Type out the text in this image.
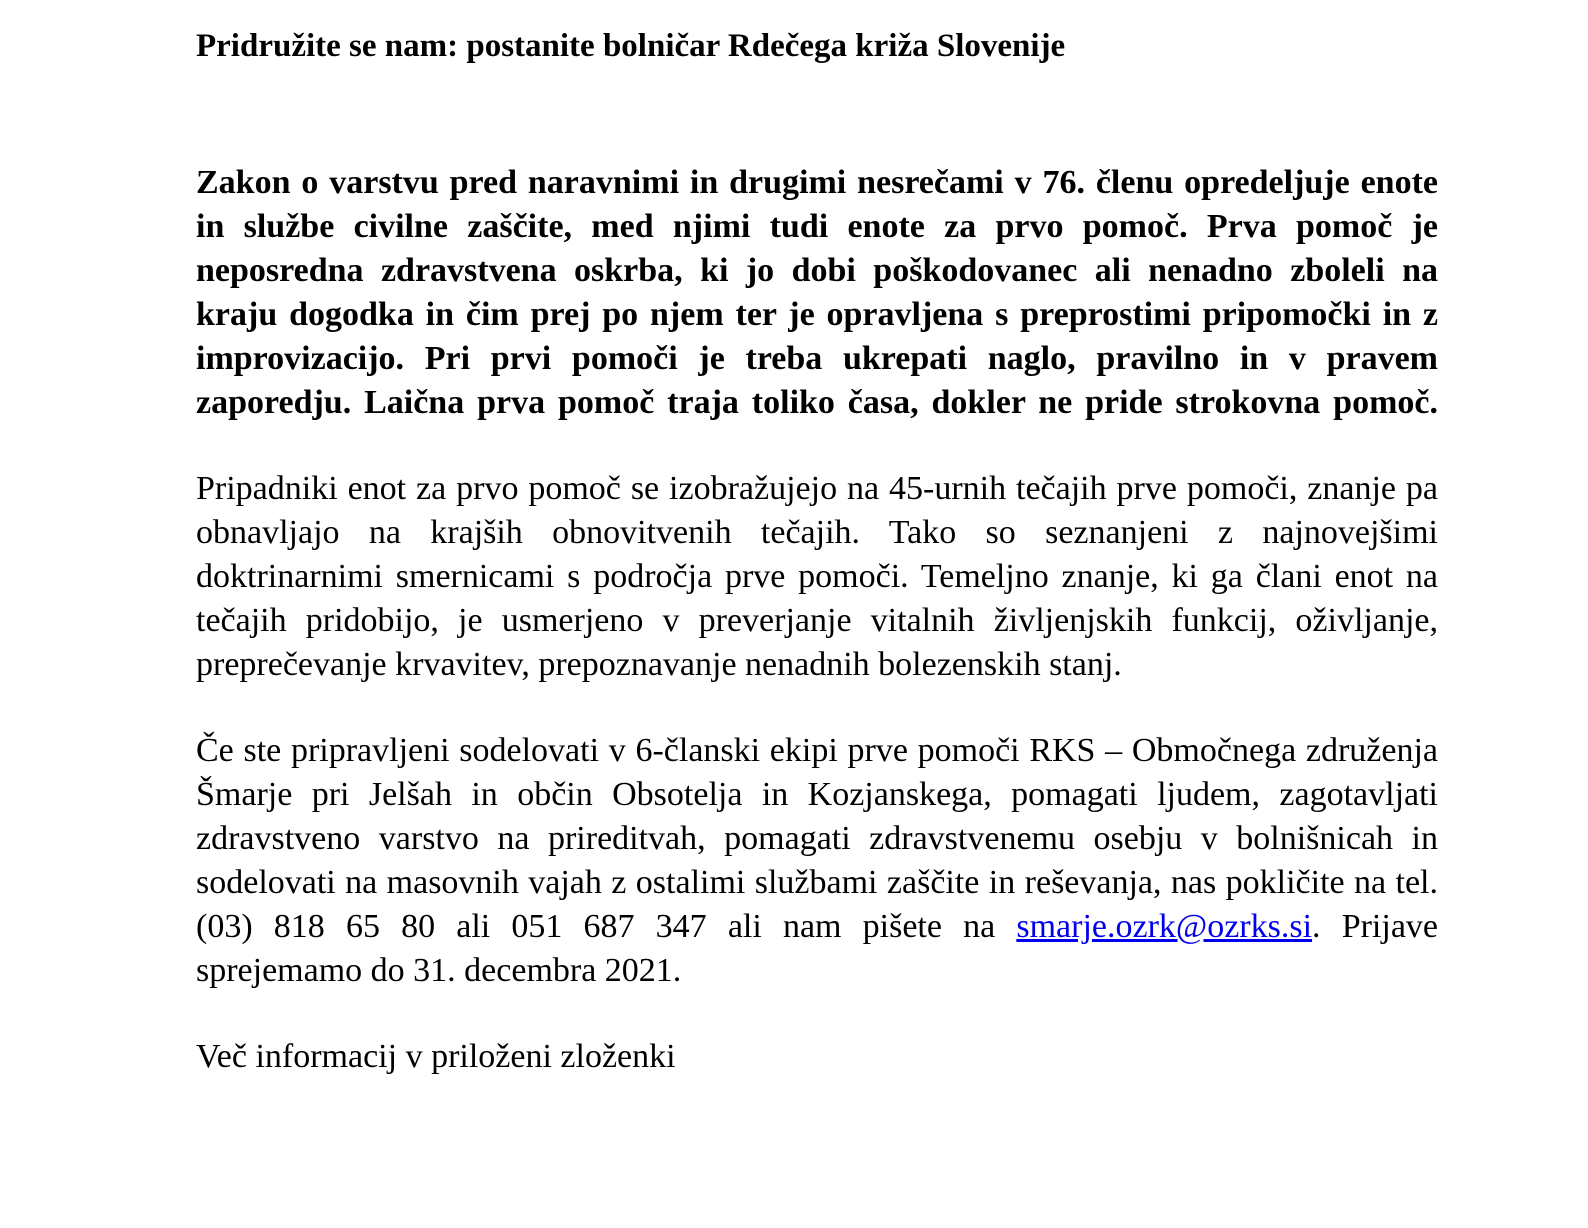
Pridružite se nam: postanite bolničar Rdečega križa Slovenije

Zakon o varstvu pred naravnimi in drugimi nesrečami v 76. členu opredeljuje enote in službe civilne zaščite, med njimi tudi enote za prvo pomoč. Prva pomoč je neposredna zdravstvena oskrba, ki jo dobi poškodovanec ali nenadno zboleli na kraju dogodka in čim prej po njem ter je opravljena s preprostimi pripomočki in z improvizacijo. Pri prvi pomoči je treba ukrepati naglo, pravilno in v pravem zaporedju. Laična prva pomoč traja toliko časa, dokler ne pride strokovna pomoč.

Pripadniki enot za prvo pomoč se izobražujejo na 45-urnih tečajih prve pomoči, znanje pa obnavljajo na krajših obnovitvenih tečajih. Tako so seznanjeni z najnovejšimi doktrinarnimi smernicami s področja prve pomoči. Temeljno znanje, ki ga člani enot na tečajih pridobijo, je usmerjeno v preverjanje vitalnih življenjskih funkcij, oživljanje, preprečevanje krvavitev, prepoznavanje nenadnih bolezenskih stanj.

Če ste pripravljeni sodelovati v 6-članski ekipi prve pomoči RKS – Območnega združenja Šmarje pri Jelšah in občin Obsotelja in Kozjanskega, pomagati ljudem, zagotavljati zdravstveno varstvo na prireditvah, pomagati zdravstvenemu osebju v bolnišnicah in sodelovati na masovnih vajah z ostalimi službami zaščite in reševanja, nas pokličite na tel. (03) 818 65 80 ali 051 687 347 ali nam pišete na smarje.ozrk@ozrks.si. Prijave sprejemamo do 31. decembra 2021.

Več informacij v priloženi zloženki
